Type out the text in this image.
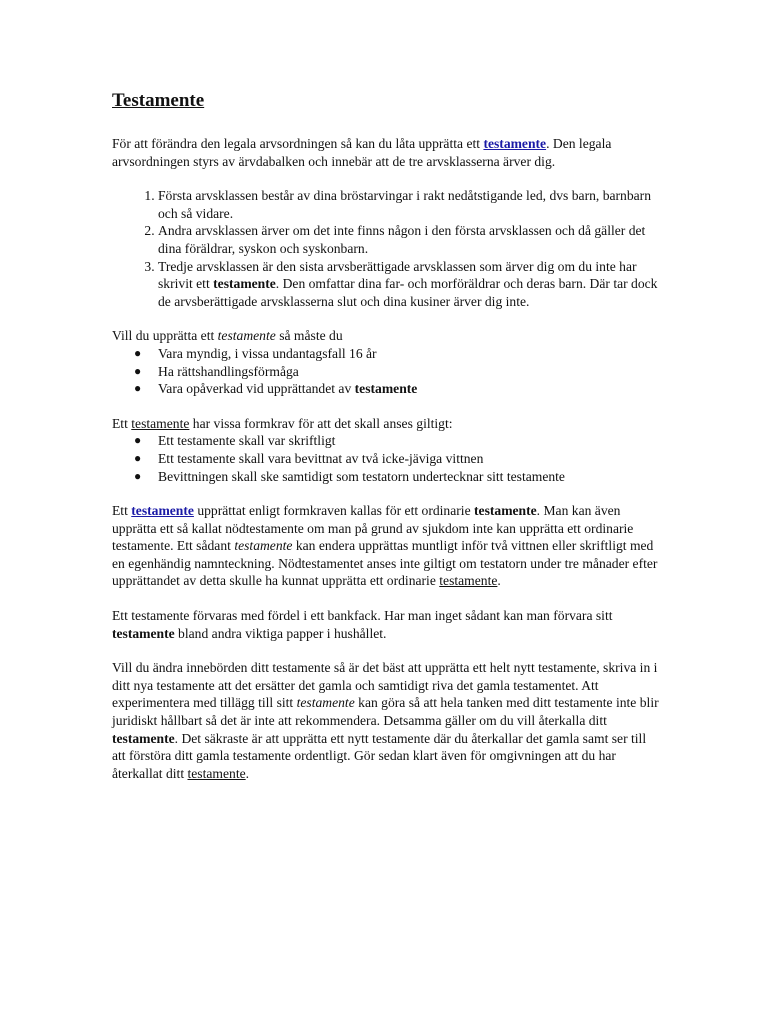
Testamente

För att förändra den legala arvsordningen så kan du låta upprätta ett testamente. Den legala arvsordningen styrs av ärvdabalken och innebär att de tre arvsklasserna ärver dig.

1. Första arvsklassen består av dina bröstarvingar i rakt nedåtstigande led, dvs barn, barnbarn och så vidare.
2. Andra arvsklassen ärver om det inte finns någon i den första arvsklassen och då gäller det dina föräldrar, syskon och syskonbarn.
3. Tredje arvsklassen är den sista arvsberättigade arvsklassen som ärver dig om du inte har skrivit ett testamente. Den omfattar dina far- och morföräldrar och deras barn. Där tar dock de arvsberättigade arvsklasserna slut och dina kusiner ärver dig inte.

Vill du upprätta ett testamente så måste du

● Vara myndig, i vissa undantagsfall 16 år
● Ha rättshandlingsförmåga
● Vara opåverkad vid upprättandet av testamente

Ett testamente har vissa formkrav för att det skall anses giltigt:

● Ett testamente skall var skriftligt
● Ett testamente skall vara bevittnat av två icke-jäviga vittnen
● Bevittningen skall ske samtidigt som testatorn undertecknar sitt testamente

Ett testamente upprättat enligt formkraven kallas för ett ordinarie testamente. Man kan även upprätta ett så kallat nödtestamente om man på grund av sjukdom inte kan upprätta ett ordinarie testamente. Ett sådant testamente kan endera upprättas muntligt inför två vittnen eller skriftligt med en egenhändig namnteckning. Nödtestamentet anses inte giltigt om testatorn under tre månader efter upprättandet av detta skulle ha kunnat upprätta ett ordinarie testamente.

Ett testamente förvaras med fördel i ett bankfack. Har man inget sådant kan man förvara sitt testamente bland andra viktiga papper i hushållet.

Vill du ändra innebörden ditt testamente så är det bäst att upprätta ett helt nytt testamente, skriva in i ditt nya testamente att det ersätter det gamla och samtidigt riva det gamla testamentet. Att experimentera med tillägg till sitt testamente kan göra så att hela tanken med ditt testamente inte blir juridiskt hållbart så det är inte att rekommendera. Detsamma gäller om du vill återkalla ditt testamente. Det säkraste är att upprätta ett nytt testamente där du återkallar det gamla samt ser till att förstöra ditt gamla testamente ordentligt. Gör sedan klart även för omgivningen att du har återkallat ditt testamente.
